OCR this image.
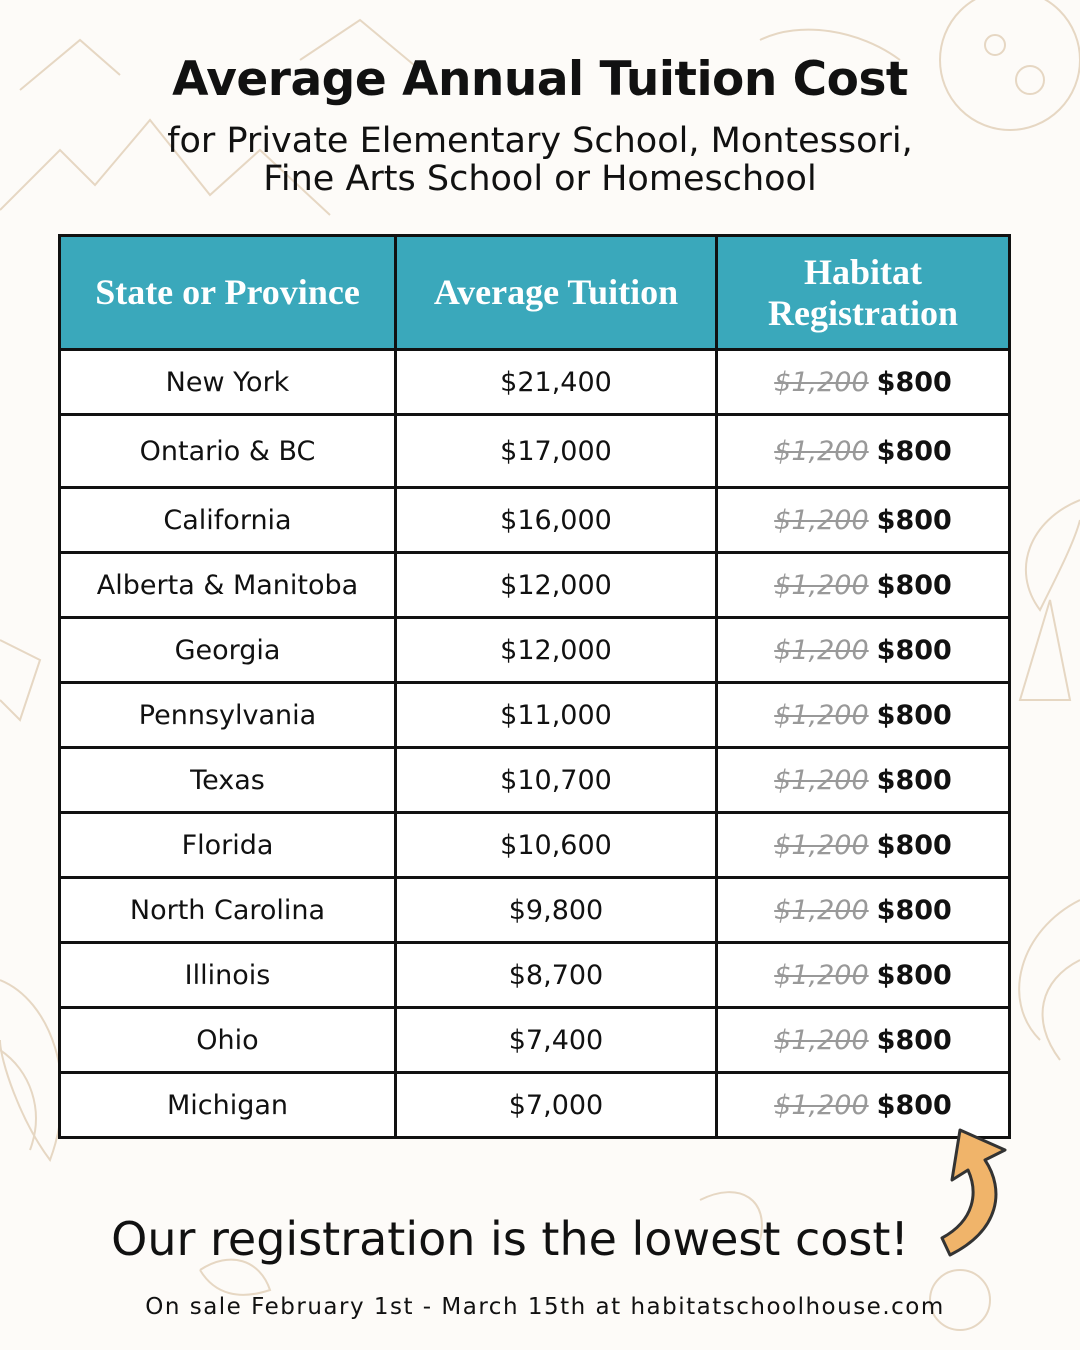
Average Annual Tuition Cost
for Private Elementary School, Montessori,
Fine Arts School or Homeschool
State or Province	Average Tuition	Habitat Registration
New York	$21,400	$1,200 $800
Ontario & BC	$17,000	$1,200 $800
California	$16,000	$1,200 $800
Alberta & Manitoba	$12,000	$1,200 $800
Georgia	$12,000	$1,200 $800
Pennsylvania	$11,000	$1,200 $800
Texas	$10,700	$1,200 $800
Florida	$10,600	$1,200 $800
North Carolina	$9,800	$1,200 $800
Illinois	$8,700	$1,200 $800
Ohio	$7,400	$1,200 $800
Michigan	$7,000	$1,200 $800
Our registration is the lowest cost!
On sale February 1st - March 15th at habitatschoolhouse.com
